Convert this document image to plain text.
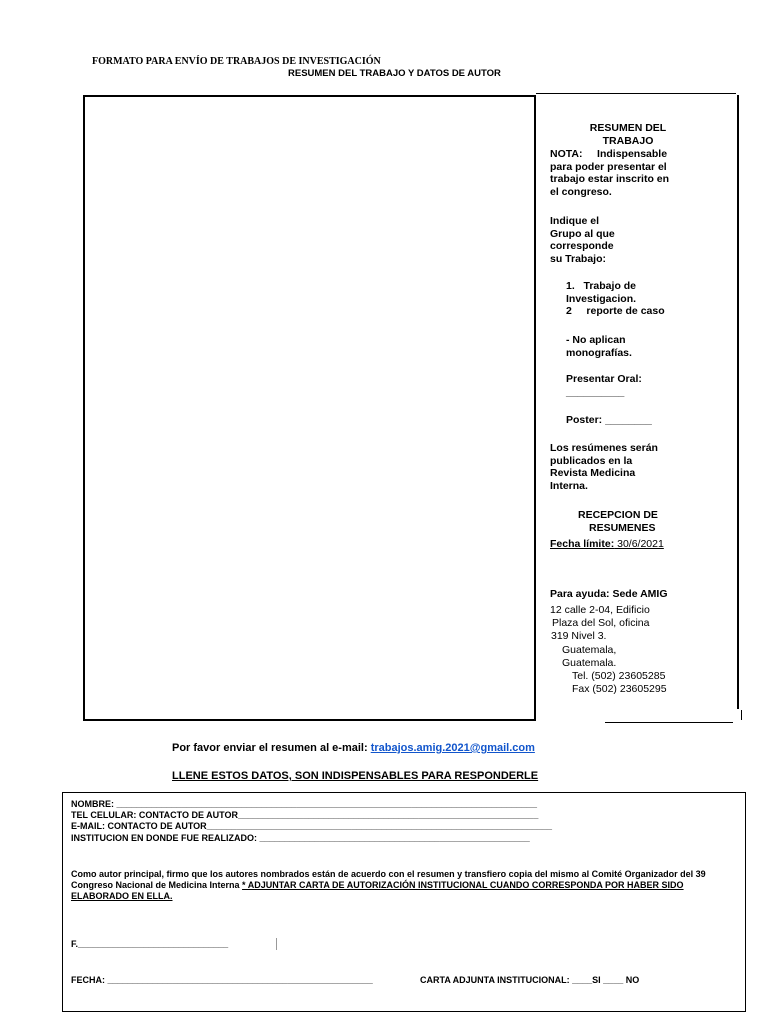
FORMATO PARA ENVÍO DE TRABAJOS DE INVESTIGACIÓN
RESUMEN DEL TRABAJO Y DATOS DE AUTOR
RESUMEN DEL
TRABAJO
NOTA:     Indispensable
para poder presentar el
trabajo estar inscrito en
el congreso.
Indique el
Grupo al que
corresponde
su Trabajo:
1.   Trabajo de
Investigacion.
2     reporte de caso
- No aplican
monografías.
Presentar Oral:
__________
Poster: ________
Los resúmenes serán
publicados en la
Revista Medicina
Interna.
RECEPCION DE
RESUMENES
Fecha límite: 30/6/2021
Para ayuda: Sede AMIG
12 calle 2-04, Edificio
Plaza del Sol, oficina
319 Nivel 3.
Guatemala,
Guatemala.
Tel. (502) 23605285
Fax (502) 23605295
Por favor enviar el resumen al e-mail: trabajos.amig.2021@gmail.com
LLENE ESTOS DATOS, SON INDISPENSABLES PARA RESPONDERLE
NOMBRE: ____________________________________________________________________________________
TEL CELULAR: CONTACTO DE AUTOR____________________________________________________________
E-MAIL: CONTACTO DE AUTOR_____________________________________________________________________
INSTITUCION EN DONDE FUE REALIZADO: ______________________________________________________
Como autor principal, firmo que los autores nombrados están de acuerdo con el resumen y transfiero copia del mismo al Comité Organizador del 39 Congreso Nacional de Medicina Interna * ADJUNTAR CARTA DE AUTORIZACIÓN INSTITUCIONAL CUANDO CORRESPONDA POR HABER SIDO ELABORADO EN ELLA.
F.______________________________
FECHA: _____________________________________________________	CARTA ADJUNTA INSTITUCIONAL: ____SI ____ NO
